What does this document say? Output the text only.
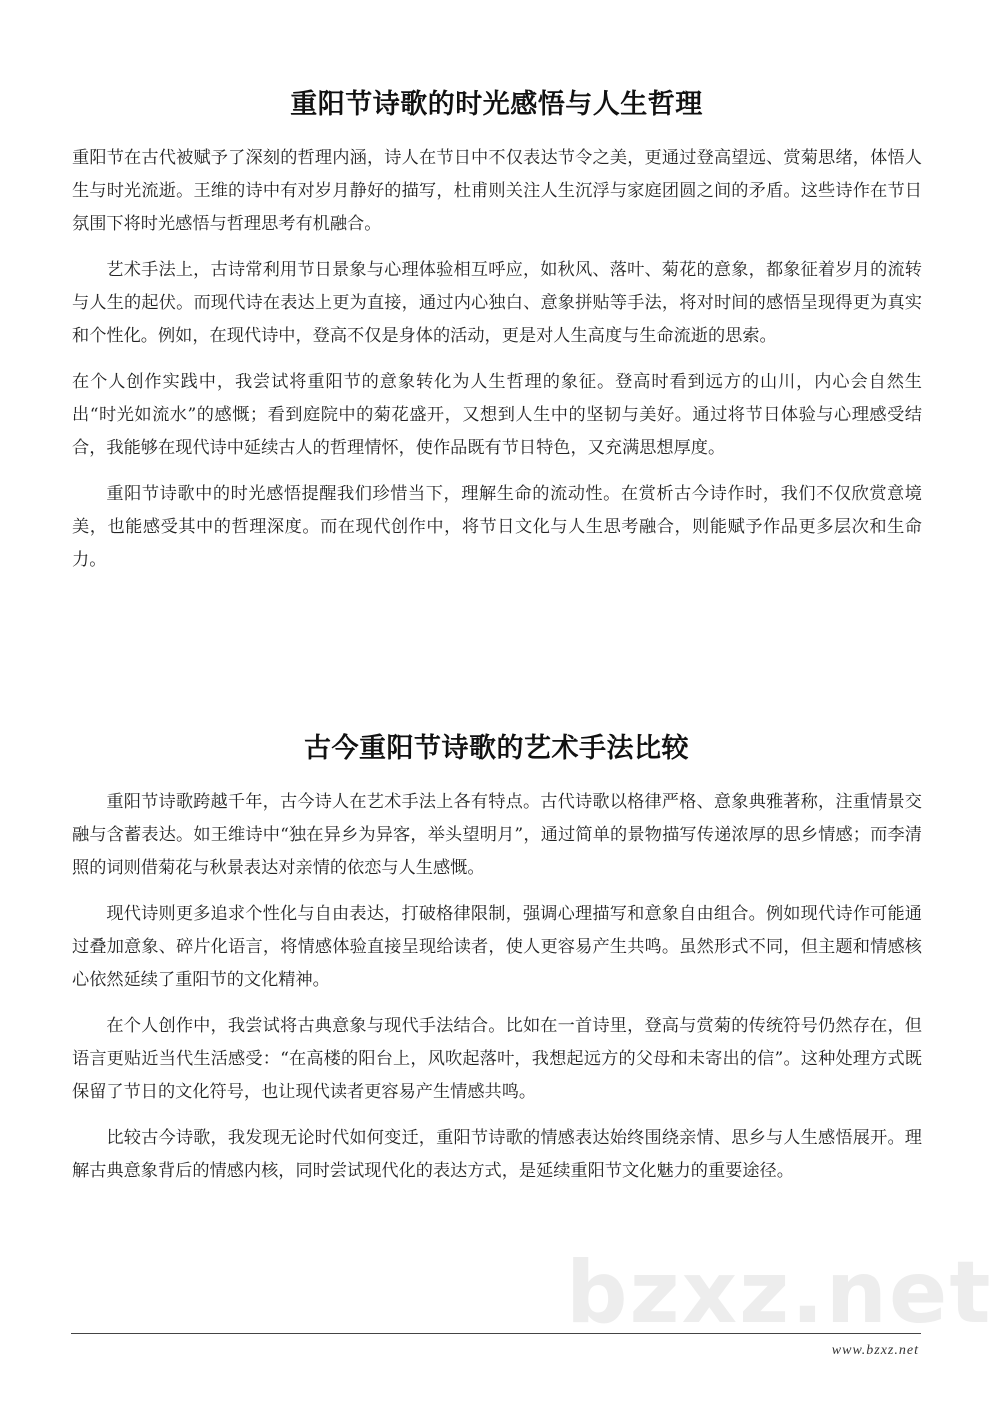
重阳节诗歌的时光感悟与人生哲理

重阳节在古代被赋予了深刻的哲理内涵，诗人在节日中不仅表达节令之美，更通过登高望远、赏菊思绪，体悟人生与时光流逝。王维的诗中有对岁月静好的描写，杜甫则关注人生沉浮与家庭团圆之间的矛盾。这些诗作在节日氛围下将时光感悟与哲理思考有机融合。

艺术手法上，古诗常利用节日景象与心理体验相互呼应，如秋风、落叶、菊花的意象，都象征着岁月的流转与人生的起伏。而现代诗在表达上更为直接，通过内心独白、意象拼贴等手法，将对时间的感悟呈现得更为真实和个性化。例如，在现代诗中，登高不仅是身体的活动，更是对人生高度与生命流逝的思索。

在个人创作实践中，我尝试将重阳节的意象转化为人生哲理的象征。登高时看到远方的山川，内心会自然生出“时光如流水”的感慨；看到庭院中的菊花盛开，又想到人生中的坚韧与美好。通过将节日体验与心理感受结合，我能够在现代诗中延续古人的哲理情怀，使作品既有节日特色，又充满思想厚度。

重阳节诗歌中的时光感悟提醒我们珍惜当下，理解生命的流动性。在赏析古今诗作时，我们不仅欣赏意境美，也能感受其中的哲理深度。而在现代创作中，将节日文化与人生思考融合，则能赋予作品更多层次和生命力。

古今重阳节诗歌的艺术手法比较

重阳节诗歌跨越千年，古今诗人在艺术手法上各有特点。古代诗歌以格律严格、意象典雅著称，注重情景交融与含蓄表达。如王维诗中“独在异乡为异客，举头望明月”，通过简单的景物描写传递浓厚的思乡情感；而李清照的词则借菊花与秋景表达对亲情的依恋与人生感慨。

现代诗则更多追求个性化与自由表达，打破格律限制，强调心理描写和意象自由组合。例如现代诗作可能通过叠加意象、碎片化语言，将情感体验直接呈现给读者，使人更容易产生共鸣。虽然形式不同，但主题和情感核心依然延续了重阳节的文化精神。

在个人创作中，我尝试将古典意象与现代手法结合。比如在一首诗里，登高与赏菊的传统符号仍然存在，但语言更贴近当代生活感受：“在高楼的阳台上，风吹起落叶，我想起远方的父母和未寄出的信”。这种处理方式既保留了节日的文化符号，也让现代读者更容易产生情感共鸣。

比较古今诗歌，我发现无论时代如何变迁，重阳节诗歌的情感表达始终围绕亲情、思乡与人生感悟展开。理解古典意象背后的情感内核，同时尝试现代化的表达方式，是延续重阳节文化魅力的重要途径。

bzxz.net
www.bzxz.net
